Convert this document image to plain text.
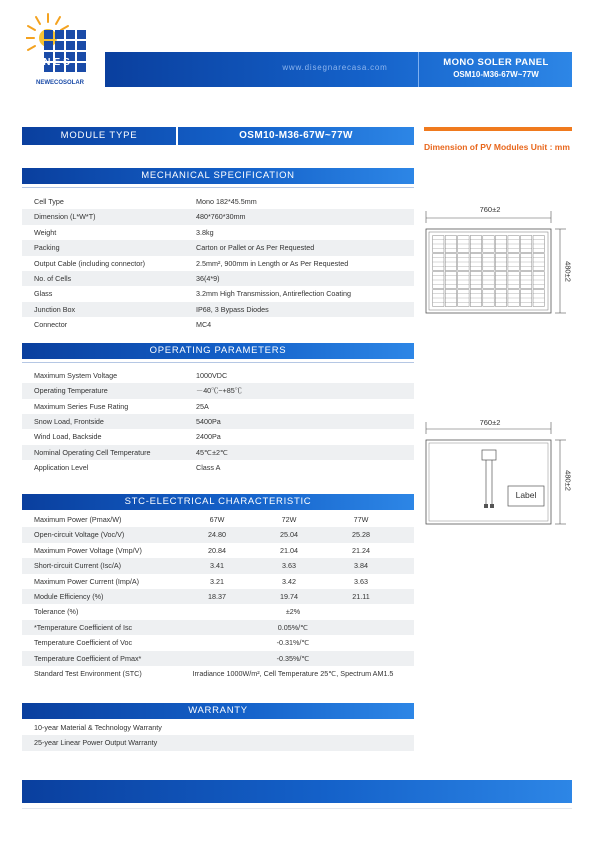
NES
NEWECOSOLAR
www.disegnarecasa.com	MONO SOLER PANEL
OSM10-M36-67W~77W
MODULE TYPE	OSM10-M36-67W~77W
Dimension of PV Modules Unit : mm
MECHANICAL SPECIFICATION
OPERATING PARAMETERS
STC-ELECTRICAL CHARACTERISTIC
WARRANTY
760±2
480±2
760±2
480±2
Label
Cell Type	Mono 182*45.5mm
Dimension (L*W*T)	480*760*30mm
Weight	3.8kg
Packing	Carton or Pallet or As Per Requested
Output Cable (including connector)	2.5mm², 900mm in Length or As Per Requested
No. of Cells	36(4*9)
Glass	3.2mm High Transmission, Antireflection Coating
Junction Box	IP68, 3 Bypass Diodes
Connector	MC4
Maximum System Voltage	1000VDC
Operating Temperature	－40℃~+85℃
Maximum Series Fuse Rating	25A
Snow Load, Frontside	5400Pa
Wind Load, Backside	2400Pa
Nominal Operating Cell Temperature	45℃±2℃
Application Level	Class A
Maximum Power (Pmax/W)	67W	72W	77W
Open-circuit Voltage (Voc/V)	24.80	25.04	25.28
Maximum Power Voltage (Vmp/V)	20.84	21.04	21.24
Short-circuit Current (Isc/A)	3.41	3.63	3.84
Maximum Power Current (Imp/A)	3.21	3.42	3.63
Module Efficiency (%)	18.37	19.74	21.11
Tolerance (%)	±2%
*Temperature Coefficient of Isc	0.05%/℃
Temperature Coefficient of Voc	-0.31%/℃
Temperature Coefficient of Pmax*	-0.35%/℃
Standard Test Environment (STC)	Irradiance 1000W/m², Cell Temperature 25℃, Spectrum AM1.5
10-year Material & Technology Warranty
25-year Linear Power Output Warranty
